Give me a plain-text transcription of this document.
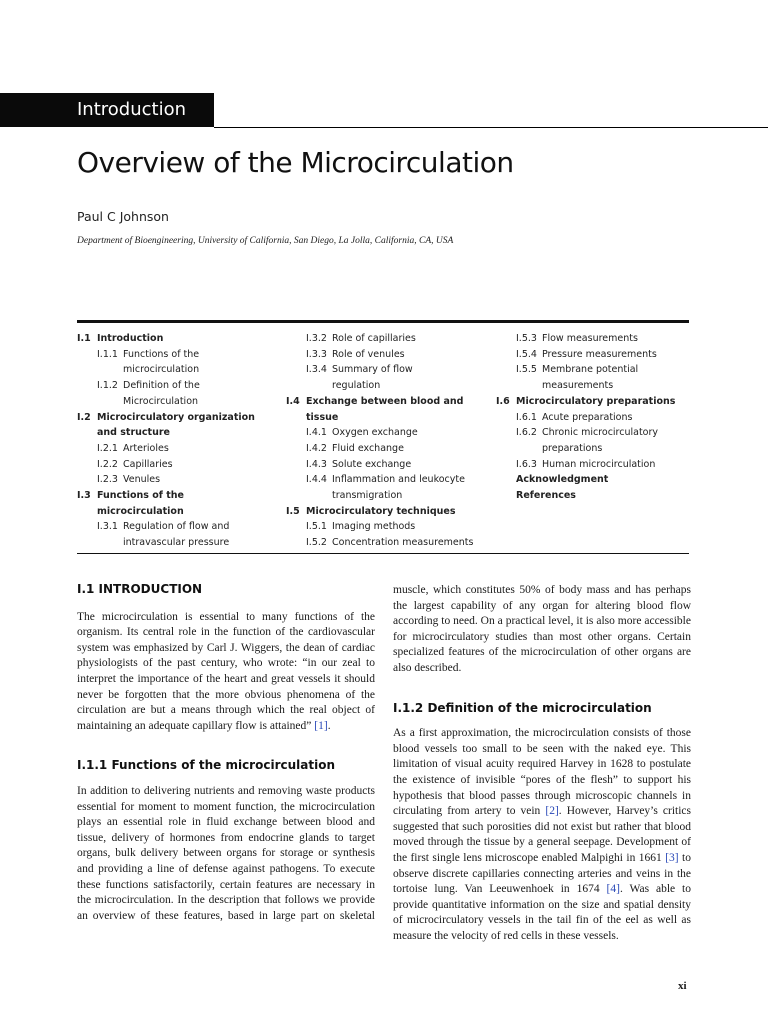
Introduction
Overview of the Microcirculation
Paul C Johnson
Department of Bioengineering, University of California, San Diego, La Jolla, California, CA, USA
I.1 Introduction
I.1.1 Functions of the
microcirculation
I.1.2 Definition of the
Microcirculation
I.2 Microcirculatory organization
and structure
I.2.1 Arterioles
I.2.2 Capillaries
I.2.3 Venules
I.3 Functions of the
microcirculation
I.3.1 Regulation of flow and
intravascular pressure
I.3.2 Role of capillaries
I.3.3 Role of venules
I.3.4 Summary of flow
regulation
I.4 Exchange between blood and
tissue
I.4.1 Oxygen exchange
I.4.2 Fluid exchange
I.4.3 Solute exchange
I.4.4 Inflammation and leukocyte
transmigration
I.5 Microcirculatory techniques
I.5.1 Imaging methods
I.5.2 Concentration measurements
I.5.3 Flow measurements
I.5.4 Pressure measurements
I.5.5 Membrane potential
measurements
I.6 Microcirculatory preparations
I.6.1 Acute preparations
I.6.2 Chronic microcirculatory
preparations
I.6.3 Human microcirculation
Acknowledgment
References
I.1 INTRODUCTION

The microcirculation is essential to many functions of the organism. Its central role in the function of the cardiovascular system was emphasized by Carl J. Wiggers, the dean of cardiac physiologists of the past century, who wrote: “in our zeal to interpret the importance of the heart and great vessels it should never be forgotten that the more obvious phenomena of the circulation are but a means through which the real object of maintaining an adequate capillary flow is attained” [1].

I.1.1 Functions of the microcirculation

In addition to delivering nutrients and removing waste products essential for moment to moment function, the microcirculation plays an essential role in fluid exchange between blood and tissue, delivery of hormones from endocrine glands to target organs, bulk delivery between organs for storage or synthesis and providing a line of defense against pathogens. To execute these functions satisfactorily, certain features are necessary in the microcirculation. In the description that follows we provide an overview of these features, based in large part on skeletal

muscle, which constitutes 50% of body mass and has perhaps the largest capability of any organ for altering blood flow according to need. On a practical level, it is also more accessible for microcirculatory studies than most other organs. Certain specialized features of the microcirculation of other organs are also described.

I.1.2 Definition of the microcirculation

As a first approximation, the microcirculation consists of those blood vessels too small to be seen with the naked eye. This limitation of visual acuity required Harvey in 1628 to postulate the existence of invisible “pores of the flesh” to support his hypothesis that blood passes through microscopic channels in circulating from artery to vein [2]. However, Harvey’s critics suggested that such porosities did not exist but rather that blood moved through the tissue by a general seepage. Development of the first single lens microscope enabled Malpighi in 1661 [3] to observe discrete capillaries connecting arteries and veins in the tortoise lung. Van Leeuwenhoek in 1674 [4]. Was able to provide quantitative information on the size and spatial density of microcirculatory vessels in the tail fin of the eel as well as measure the velocity of red cells in these vessels.

xi
